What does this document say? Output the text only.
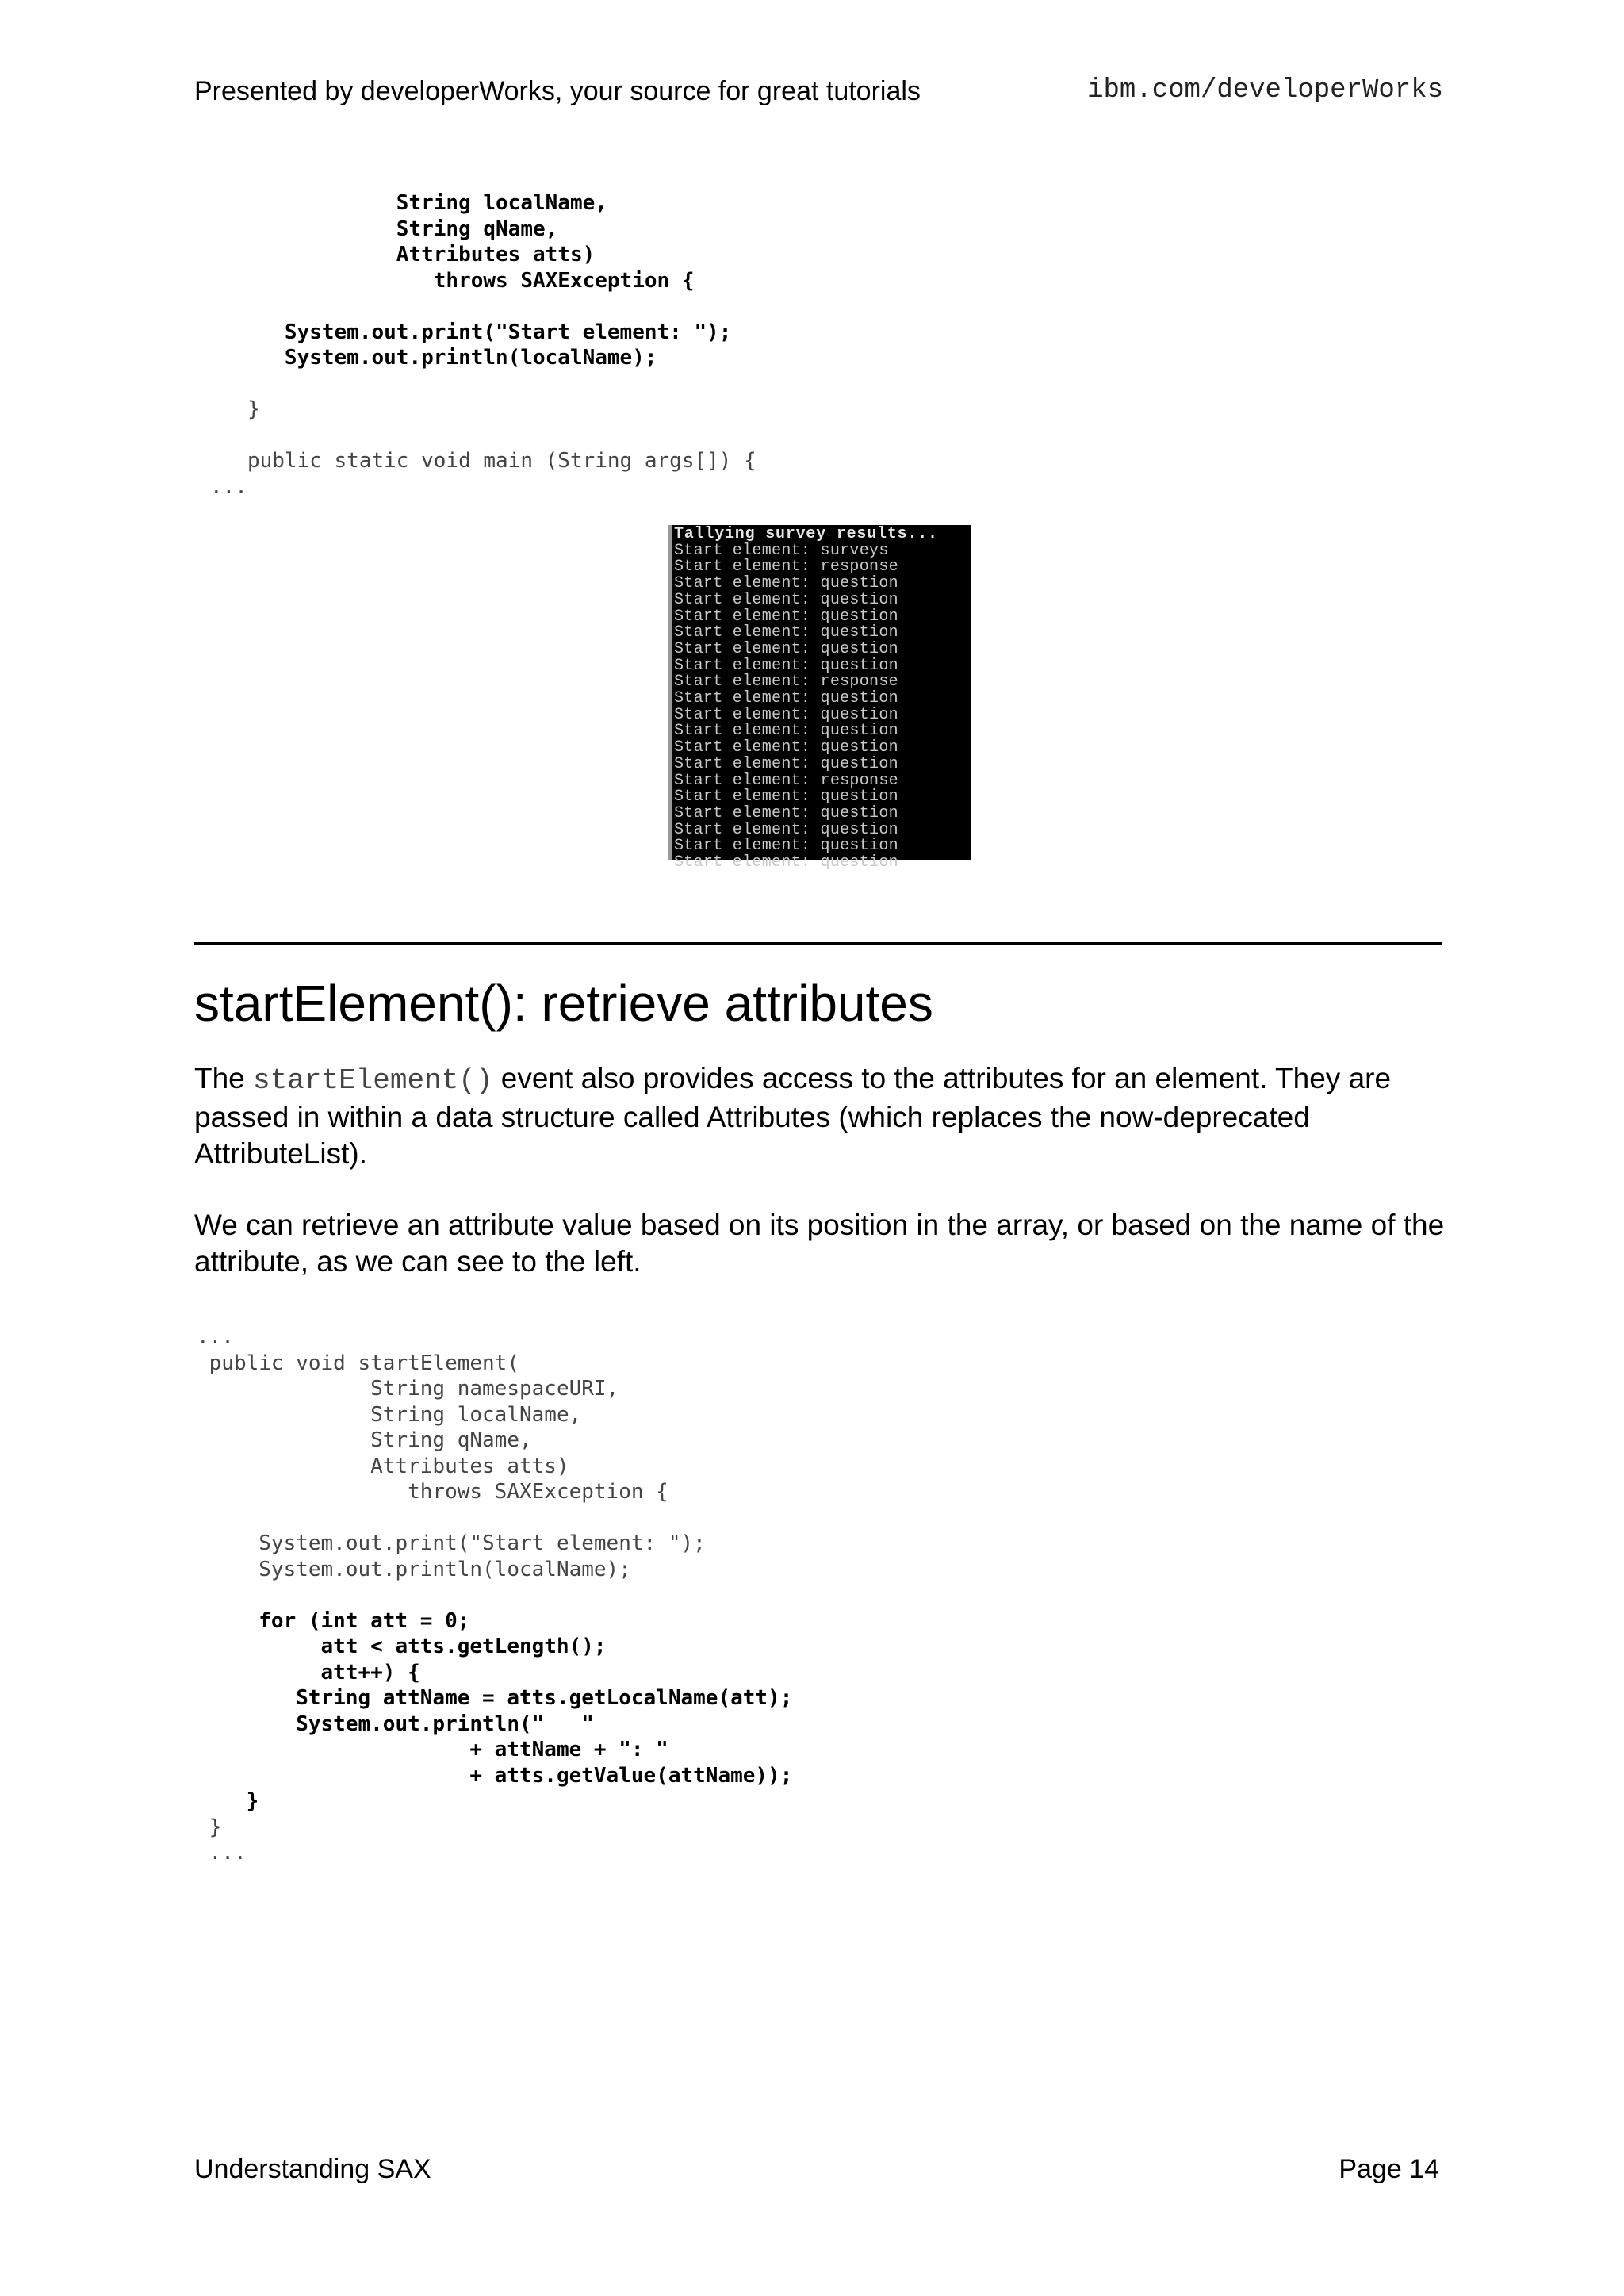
Presented by developerWorks, your source for great tutorials	ibm.com/developerWorks
String localName,
String qName,
Attributes atts)
throws SAXException {

System.out.print("Start element: ");
System.out.println(localName);

}

public static void main (String args[]) {
...

Tallying survey results...
Start element: surveys
Start element: response
Start element: question
Start element: question
Start element: question
Start element: question
Start element: question
Start element: question
Start element: response
Start element: question
Start element: question
Start element: question
Start element: question
Start element: question
Start element: response
Start element: question
Start element: question
Start element: question
Start element: question
Start element: question
startElement(): retrieve attributes

The startElement() event also provides access to the attributes for an element. They are passed in within a data structure called Attributes (which replaces the now-deprecated AttributeList).

We can retrieve an attribute value based on its position in the array, or based on the name of the attribute, as we can see to the left.

...
public void startElement(
String namespaceURI,
String localName,
String qName,
Attributes atts)
throws SAXException {

System.out.print("Start element: ");
System.out.println(localName);

for (int att = 0;
att < atts.getLength();
att++) {
String attName = atts.getLocalName(att);
System.out.println("   "
+ attName + ": "
+ atts.getValue(attName));
}
}
...

Understanding SAX	Page 14
